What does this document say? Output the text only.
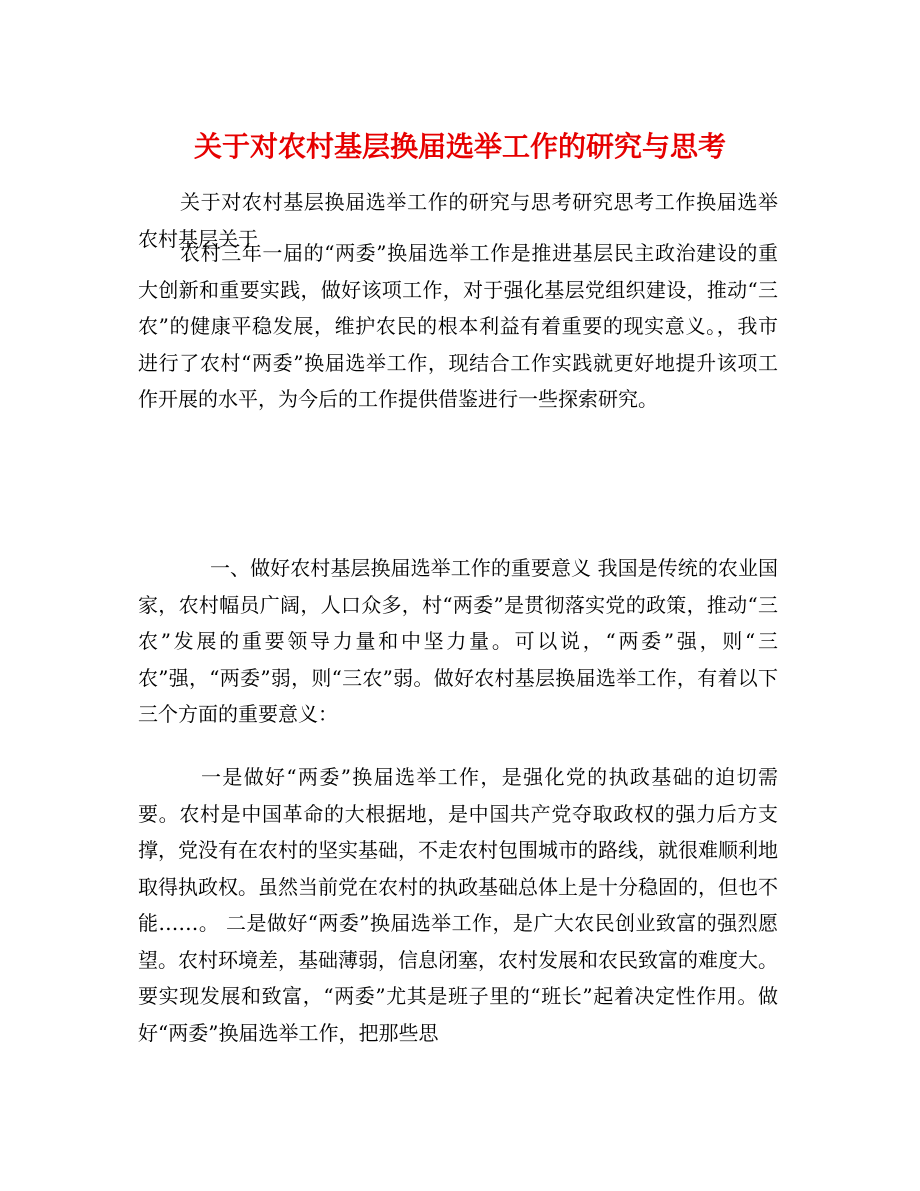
关于对农村基层换届选举工作的研究与思考

关于对农村基层换届选举工作的研究与思考研究思考工作换届选举农村基层关于

农村三年一届的“两委”换届选举工作是推进基层民主政治建设的重大创新和重要实践，做好该项工作，对于强化基层党组织建设，推动“三农”的健康平稳发展，维护农民的根本利益有着重要的现实意义。，我市进行了农村“两委”换届选举工作，现结合工作实践就更好地提升该项工作开展的水平，为今后的工作提供借鉴进行一些探索研究。

一、做好农村基层换届选举工作的重要意义 我国是传统的农业国家，农村幅员广阔，人口众多，村“两委”是贯彻落实党的政策，推动“三农”发展的重要领导力量和中坚力量。可以说，“两委”强，则“三农”强，“两委”弱，则“三农”弱。做好农村基层换届选举工作，有着以下三个方面的重要意义：

一是做好“两委”换届选举工作，是强化党的执政基础的迫切需要。农村是中国革命的大根据地，是中国共产党夺取政权的强力后方支撑，党没有在农村的坚实基础，不走农村包围城市的路线，就很难顺利地取得执政权。虽然当前党在农村的执政基础总体上是十分稳固的，但也不能……。 二是做好“两委”换届选举工作，是广大农民创业致富的强烈愿望。农村环境差，基础薄弱，信息闭塞，农村发展和农民致富的难度大。要实现发展和致富，“两委”尤其是班子里的“班长”起着决定性作用。做好“两委”换届选举工作，把那些思
